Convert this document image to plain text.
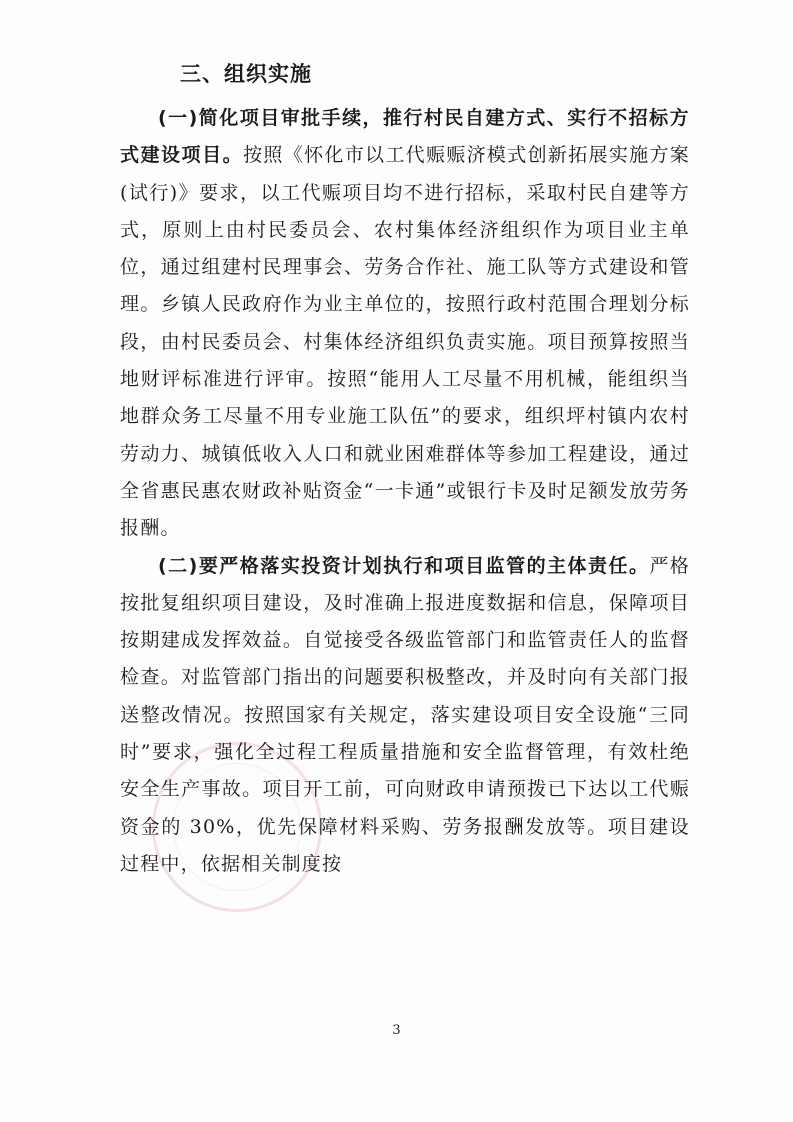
三、组织实施

(一)简化项目审批手续，推行村民自建方式、实行不招标方式建设项目。按照《怀化市以工代赈赈济模式创新拓展实施方案(试行)》要求，以工代赈项目均不进行招标，采取村民自建等方式，原则上由村民委员会、农村集体经济组织作为项目业主单位，通过组建村民理事会、劳务合作社、施工队等方式建设和管理。乡镇人民政府作为业主单位的，按照行政村范围合理划分标段，由村民委员会、村集体经济组织负责实施。项目预算按照当地财评标准进行评审。按照“能用人工尽量不用机械，能组织当地群众务工尽量不用专业施工队伍”的要求，组织坪村镇内农村劳动力、城镇低收入人口和就业困难群体等参加工程建设，通过全省惠民惠农财政补贴资金“一卡通”或银行卡及时足额发放劳务报酬。

(二)要严格落实投资计划执行和项目监管的主体责任。严格按批复组织项目建设，及时准确上报进度数据和信息，保障项目按期建成发挥效益。自觉接受各级监管部门和监管责任人的监督检查。对监管部门指出的问题要积极整改，并及时向有关部门报送整改情况。按照国家有关规定，落实建设项目安全设施“三同时”要求，强化全过程工程质量措施和安全监督管理，有效杜绝安全生产事故。项目开工前，可向财政申请预拨已下达以工代赈资金的 30%，优先保障材料采购、劳务报酬发放等。项目建设过程中，依据相关制度按

3
